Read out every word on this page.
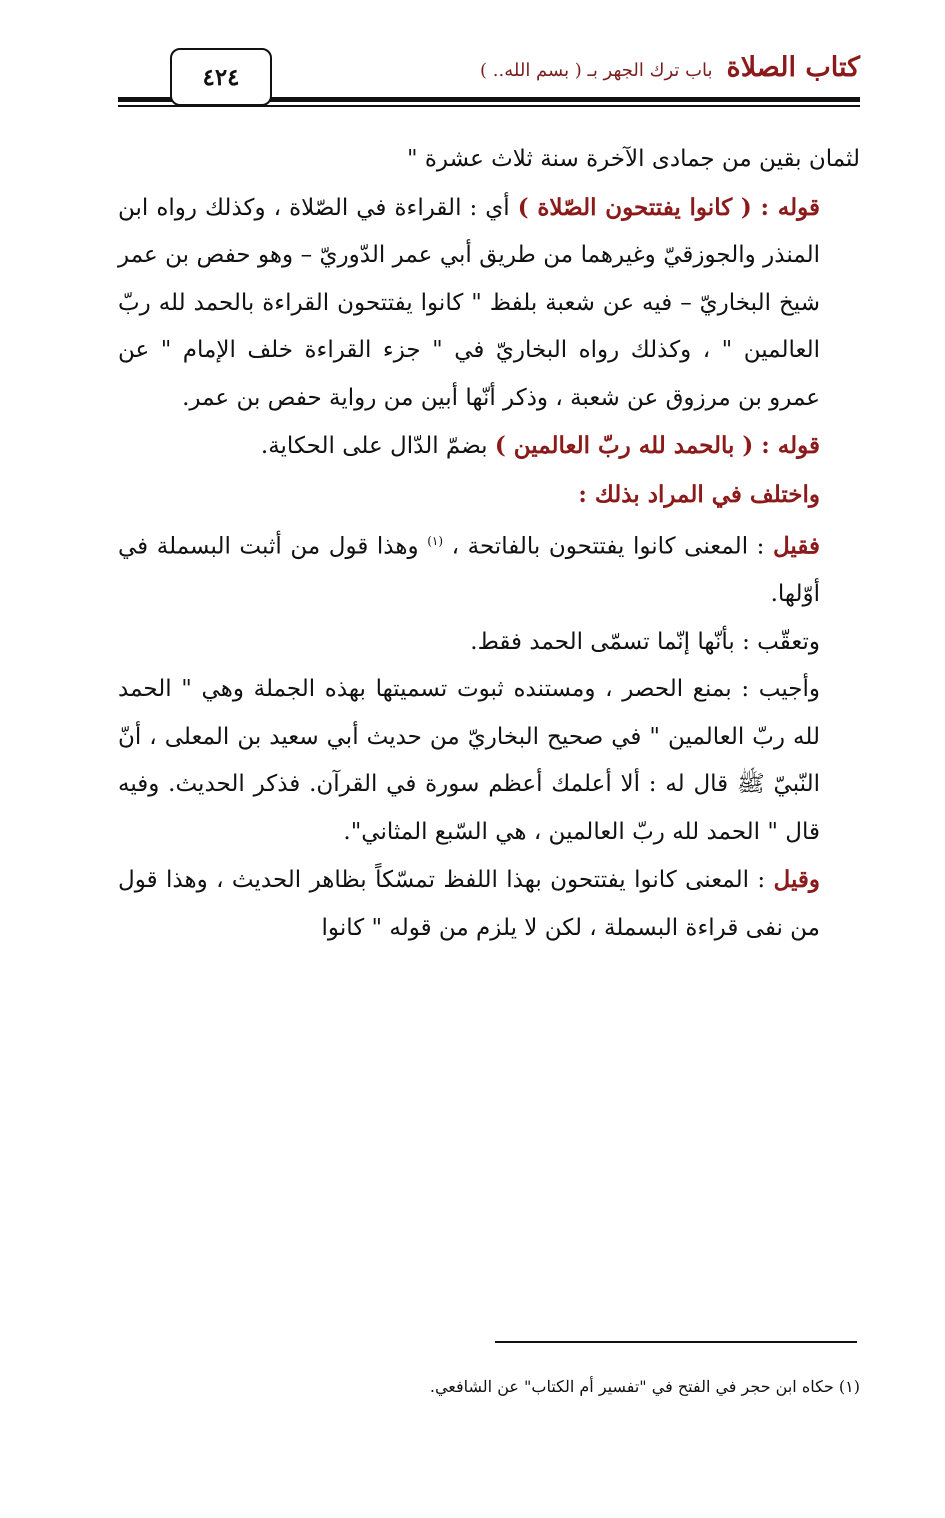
٤٢٤	كتاب الصلاة
باب ترك الجهر بـ ( بسم الله.. )

لثمان بقين من جمادى الآخرة سنة ثلاث عشرة "

قوله : ( كانوا يفتتحون الصّلاة ) أي : القراءة في الصّلاة ، وكذلك رواه ابن المنذر والجوزقيّ وغيرهما من طريق أبي عمر الدّوريّ – وهو حفص بن عمر شيخ البخاريّ – فيه عن شعبة بلفظ " كانوا يفتتحون القراءة بالحمد لله ربّ العالمين " ، وكذلك رواه البخاريّ في " جزء القراءة خلف الإمام " عن عمرو بن مرزوق عن شعبة ، وذكر أنّها أبين من رواية حفص بن عمر.

قوله : ( بالحمد لله ربّ العالمين ) بضمّ الدّال على الحكاية.

واختلف في المراد بذلك :

فقيل : المعنى كانوا يفتتحون بالفاتحة ، $^{(١)}$ وهذا قول من أثبت البسملة في أوّلها.

وتعقّب : بأنّها إنّما تسمّى الحمد فقط.

وأجيب : بمنع الحصر ، ومستنده ثبوت تسميتها بهذه الجملة وهي " الحمد لله ربّ العالمين " في صحيح البخاريّ من حديث أبي سعيد بن المعلى ، أنّ النّبيّ ﷺ قال له : ألا أعلمك أعظم سورة في القرآن. فذكر الحديث. وفيه قال " الحمد لله ربّ العالمين ، هي السّبع المثاني".

وقيل : المعنى كانوا يفتتحون بهذا اللفظ تمسّكاً بظاهر الحديث ، وهذا قول من نفى قراءة البسملة ، لكن لا يلزم من قوله " كانوا

(١) حكاه ابن حجر في الفتح في "تفسير أم الكتاب" عن الشافعي.
